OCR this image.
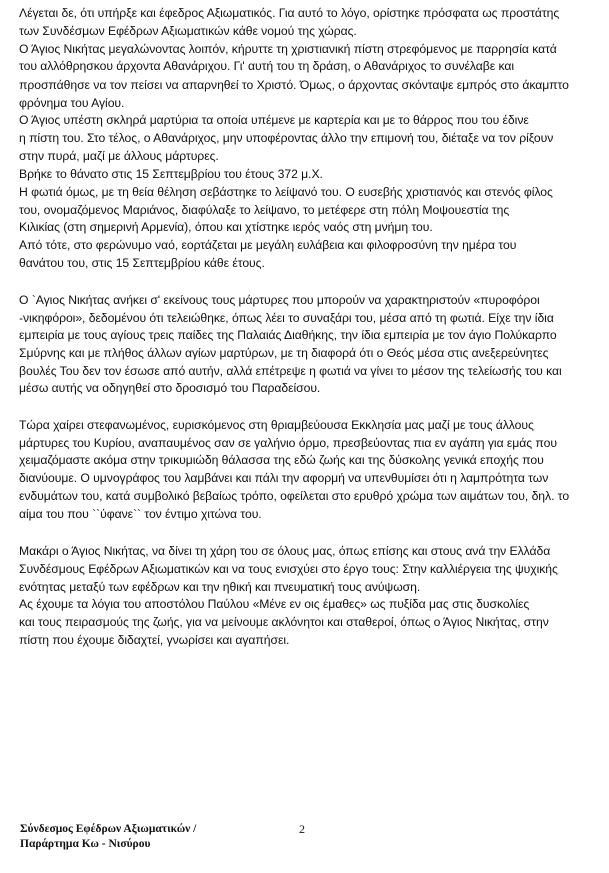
Λέγεται δε, ότι υπήρξε και έφεδρος Αξιωματικός. Για αυτό το λόγο, ορίστηκε πρόσφατα ως προστάτης
των Συνδέσμων Εφέδρων Αξιωματικών κάθε νομού της χώρας.
Ο Άγιος Νικήτας μεγαλώνοντας λοιπόν, κήρυττε τη χριστιανική πίστη στρεφόμενος με παρρησία κατά
του αλλόθρησκου άρχοντα Αθανάριχου. Γι' αυτή του τη δράση, ο Αθανάριχος το συνέλαβε και
προσπάθησε να τον πείσει να απαρνηθεί το Χριστό. Όμως, ο άρχοντας σκόνταψε εμπρός στο άκαμπτο
φρόνημα του Αγίου.
Ο Άγιος υπέστη σκληρά μαρτύρια τα οποία υπέμενε με καρτερία και με το θάρρος που του έδινε
η πίστη του. Στο τέλος, ο Αθανάριχος, μην υποφέροντας άλλο την επιμονή του, διέταξε να τον ρίξουν
στην πυρά, μαζί με άλλους μάρτυρες.
Βρήκε το θάνατο στις 15 Σεπτεμβρίου του έτους 372 μ.Χ.
Η φωτιά όμως, με τη θεία θέληση σεβάστηκε το λείψανό του. Ο ευσεβής χριστιανός και στενός φίλος
του, ονομαζόμενος Μαριάνος, διαφύλαξε το λείψανο, το μετέφερε στη πόλη Μοψουεστία της
Κιλικίας (στη σημερινή Αρμενία), όπου και χτίστηκε ιερός ναός στη μνήμη του.
Από τότε, στο φερώνυμο ναό, εορτάζεται με μεγάλη ευλάβεια και φιλοφροσύνη την ημέρα του
θανάτου του, στις 15 Σεπτεμβρίου κάθε έτους.
Ο `Αγιος Νικήτας ανήκει σ' εκείνους τους μάρτυρες που μπορούν να χαρακτηριστούν «πυροφόροι
-νικηφόροι», δεδομένου ότι τελειώθηκε, όπως λέει το συναξάρι του, μέσα από τη φωτιά. Είχε την ίδια
εμπειρία με τους αγίους τρεις παίδες της Παλαιάς Διαθήκης, την ίδια εμπειρία με τον άγιο Πολύκαρπο
Σμύρνης και με πλήθος άλλων αγίων μαρτύρων, με τη διαφορά ότι ο Θεός μέσα στις ανεξερεύνητες
βουλές Του δεν τον έσωσε από αυτήν, αλλά επέτρεψε η φωτιά να γίνει το μέσον της τελείωσής του και
μέσω αυτής να οδηγηθεί στο δροσισμό του Παραδείσου.
Τώρα χαίρει στεφανωμένος, ευρισκόμενος στη θριαμβεύουσα Εκκλησία μας μαζί με τους άλλους
μάρτυρες του Κυρίου, αναπαυμένος σαν σε γαλήνιο όρμο, πρεσβεύοντας πια εν αγάπη για εμάς που
χειμαζόμαστε ακόμα στην τρικυμιώδη θάλασσα της εδώ ζωής και της δύσκολης γενικά εποχής που
διανύουμε. Ο υμνογράφος του λαμβάνει και πάλι την αφορμή να υπενθυμίσει ότι η λαμπρότητα των
ενδυμάτων του, κατά συμβολικό βεβαίως τρόπο, οφείλεται στο ερυθρό χρώμα των αιμάτων του, δηλ. το
αίμα του που ``ύφανε`` τον έντιμο χιτώνα του.
Μακάρι ο Άγιος Νικήτας, να δίνει τη χάρη του σε όλους μας, όπως επίσης και στους ανά την Ελλάδα
Συνδέσμους Εφέδρων Αξιωματικών και να τους ενισχύει στο έργο τους: Στην καλλιέργεια της ψυχικής
ενότητας μεταξύ των εφέδρων και την ηθική και πνευματική τους ανύψωση.
Ας έχουμε τα λόγια του αποστόλου Παύλου «Μένε εν οις έμαθες» ως πυξίδα μας στις δυσκολίες
και τους πειρασμούς της ζωής, για να μείνουμε ακλόνητοι και σταθεροί, όπως ο Άγιος Νικήτας, στην
πίστη που έχουμε διδαχτεί, γνωρίσει και αγαπήσει.
Σύνδεσμος Εφέδρων Αξιωματικών /
Παράρτημα Κω - Νισύρου
2
